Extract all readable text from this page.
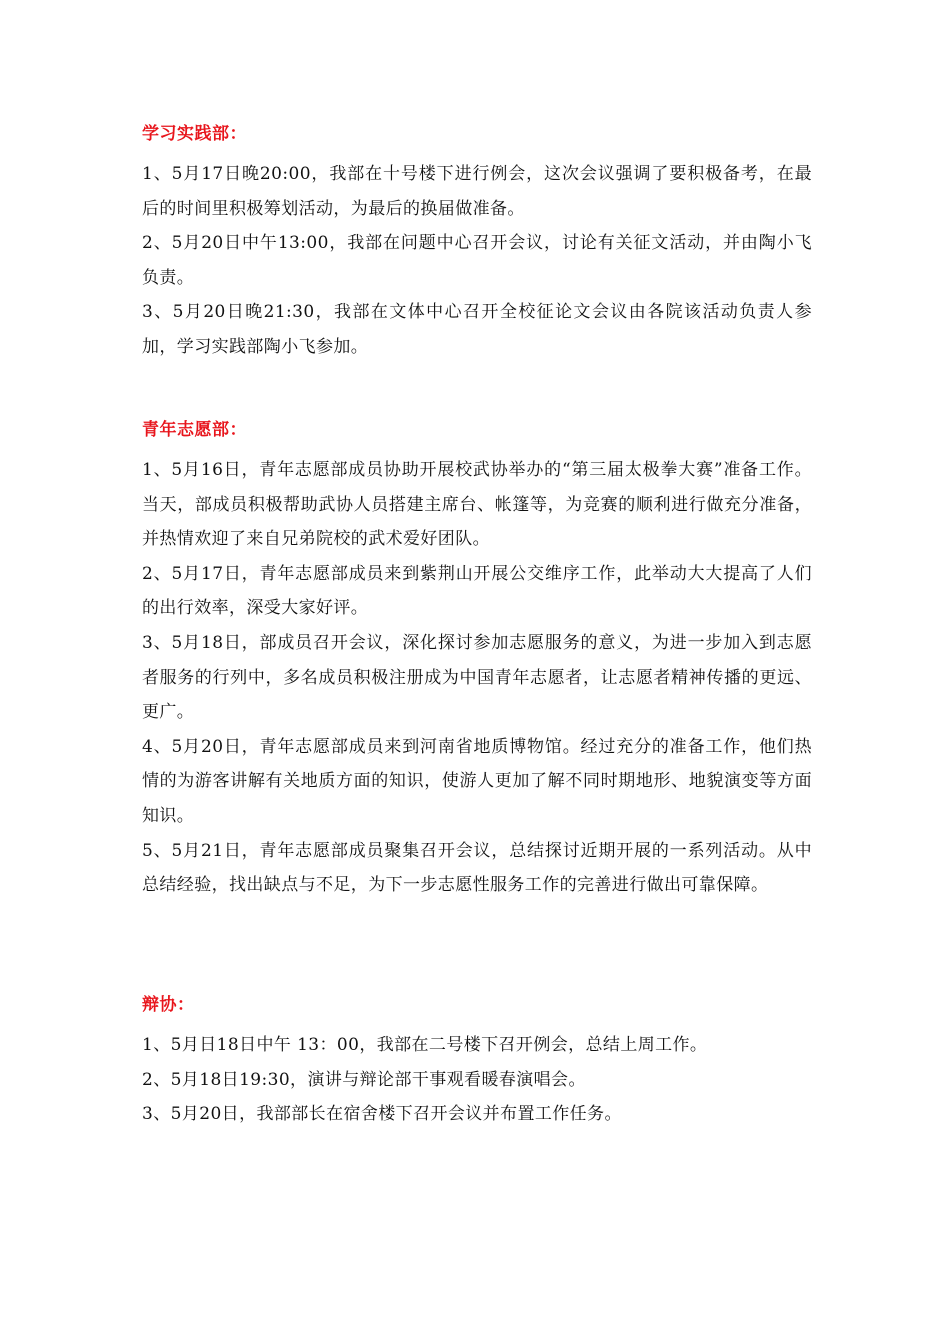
学习实践部：

1、5月17日晚20:00，我部在十号楼下进行例会，这次会议强调了要积极备考，在最后的时间里积极筹划活动，为最后的换届做准备。

2、5月20日中午13:00，我部在问题中心召开会议，讨论有关征文活动，并由陶小飞负责。

3、5月20日晚21:30，我部在文体中心召开全校征论文会议由各院该活动负责人参加，学习实践部陶小飞参加。

青年志愿部：

1、5月16日，青年志愿部成员协助开展校武协举办的“第三届太极拳大赛”准备工作。当天，部成员积极帮助武协人员搭建主席台、帐篷等，为竞赛的顺利进行做充分准备，并热情欢迎了来自兄弟院校的武术爱好团队。

2、5月17日，青年志愿部成员来到紫荆山开展公交维序工作，此举动大大提高了人们的出行效率，深受大家好评。

3、5月18日，部成员召开会议，深化探讨参加志愿服务的意义，为进一步加入到志愿者服务的行列中，多名成员积极注册成为中国青年志愿者，让志愿者精神传播的更远、更广。

4、5月20日，青年志愿部成员来到河南省地质博物馆。经过充分的准备工作，他们热情的为游客讲解有关地质方面的知识，使游人更加了解不同时期地形、地貌演变等方面知识。

5、5月21日，青年志愿部成员聚集召开会议，总结探讨近期开展的一系列活动。从中总结经验，找出缺点与不足，为下一步志愿性服务工作的完善进行做出可靠保障。

辩协：

1、5月日18日中午 13：00，我部在二号楼下召开例会，总结上周工作。

2、5月18日19:30，演讲与辩论部干事观看暖春演唱会。

3、5月20日，我部部长在宿舍楼下召开会议并布置工作任务。
